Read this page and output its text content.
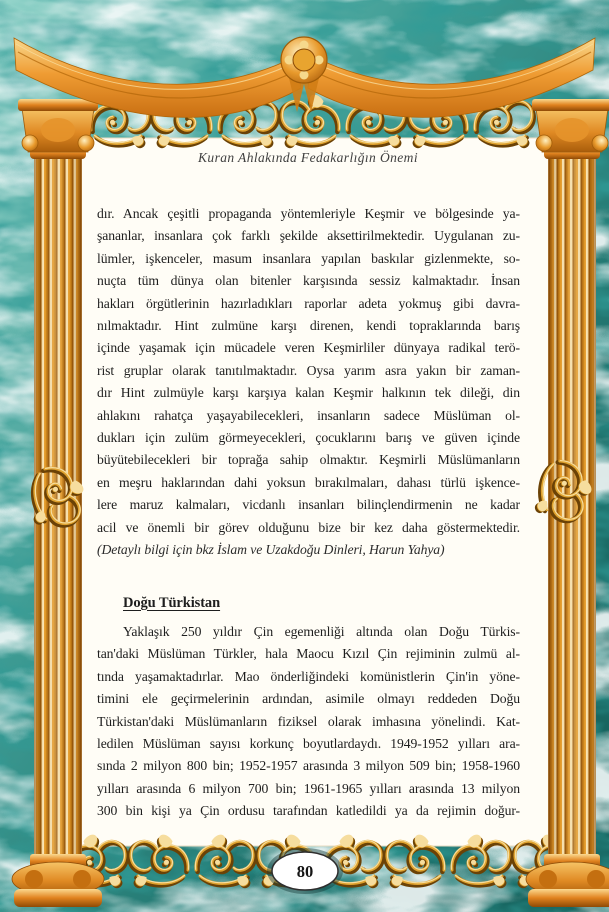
Kuran Ahlakında Fedakarlığın Önemi
dır. Ancak çeşitli propaganda yöntemleriyle Keşmir ve bölgesinde ya-
şananlar, insanlara çok farklı şekilde aksettirilmektedir. Uygulanan zu-
lümler, işkenceler, masum insanlara yapılan baskılar gizlenmekte, so-
nuçta tüm dünya olan bitenler karşısında sessiz kalmaktadır. İnsan
hakları örgütlerinin hazırladıkları raporlar adeta yokmuş gibi davra-
nılmaktadır. Hint zulmüne karşı direnen, kendi topraklarında barış
içinde yaşamak için mücadele veren Keşmirliler dünyaya radikal terö-
rist gruplar olarak tanıtılmaktadır. Oysa yarım asra yakın bir zaman-
dır Hint zulmüyle karşı karşıya kalan Keşmir halkının tek dileği, din
ahlakını rahatça yaşayabilecekleri, insanların sadece Müslüman ol-
dukları için zulüm görmeyecekleri, çocuklarını barış ve güven içinde
büyütebilecekleri bir toprağa sahip olmaktır. Keşmirli Müslümanların
en meşru haklarından dahi yoksun bırakılmaları, dahası türlü işkence-
lere maruz kalmaları, vicdanlı insanları bilinçlendirmenin ne kadar
acil ve önemli bir görev olduğunu bize bir kez daha göstermektedir.
(Detaylı bilgi için bkz İslam ve Uzakdoğu Dinleri, Harun Yahya)
Doğu Türkistan
Yaklaşık 250 yıldır Çin egemenliği altında olan Doğu Türkis-
tan'daki Müslüman Türkler, hala Maocu Kızıl Çin rejiminin zulmü al-
tında yaşamaktadırlar. Mao önderliğindeki komünistlerin Çin'in yöne-
timini ele geçirmelerinin ardından, asimile olmayı reddeden Doğu
Türkistan'daki Müslümanların fiziksel olarak imhasına yönelindi. Kat-
ledilen Müslüman sayısı korkunç boyutlardaydı. 1949-1952 yılları ara-
sında 2 milyon 800 bin; 1952-1957 arasında 3 milyon 509 bin; 1958-1960
yılları arasında 6 milyon 700 bin; 1961-1965 yılları arasında 13 milyon
300 bin kişi ya Çin ordusu tarafından katledildi ya da rejimin doğur-
80
